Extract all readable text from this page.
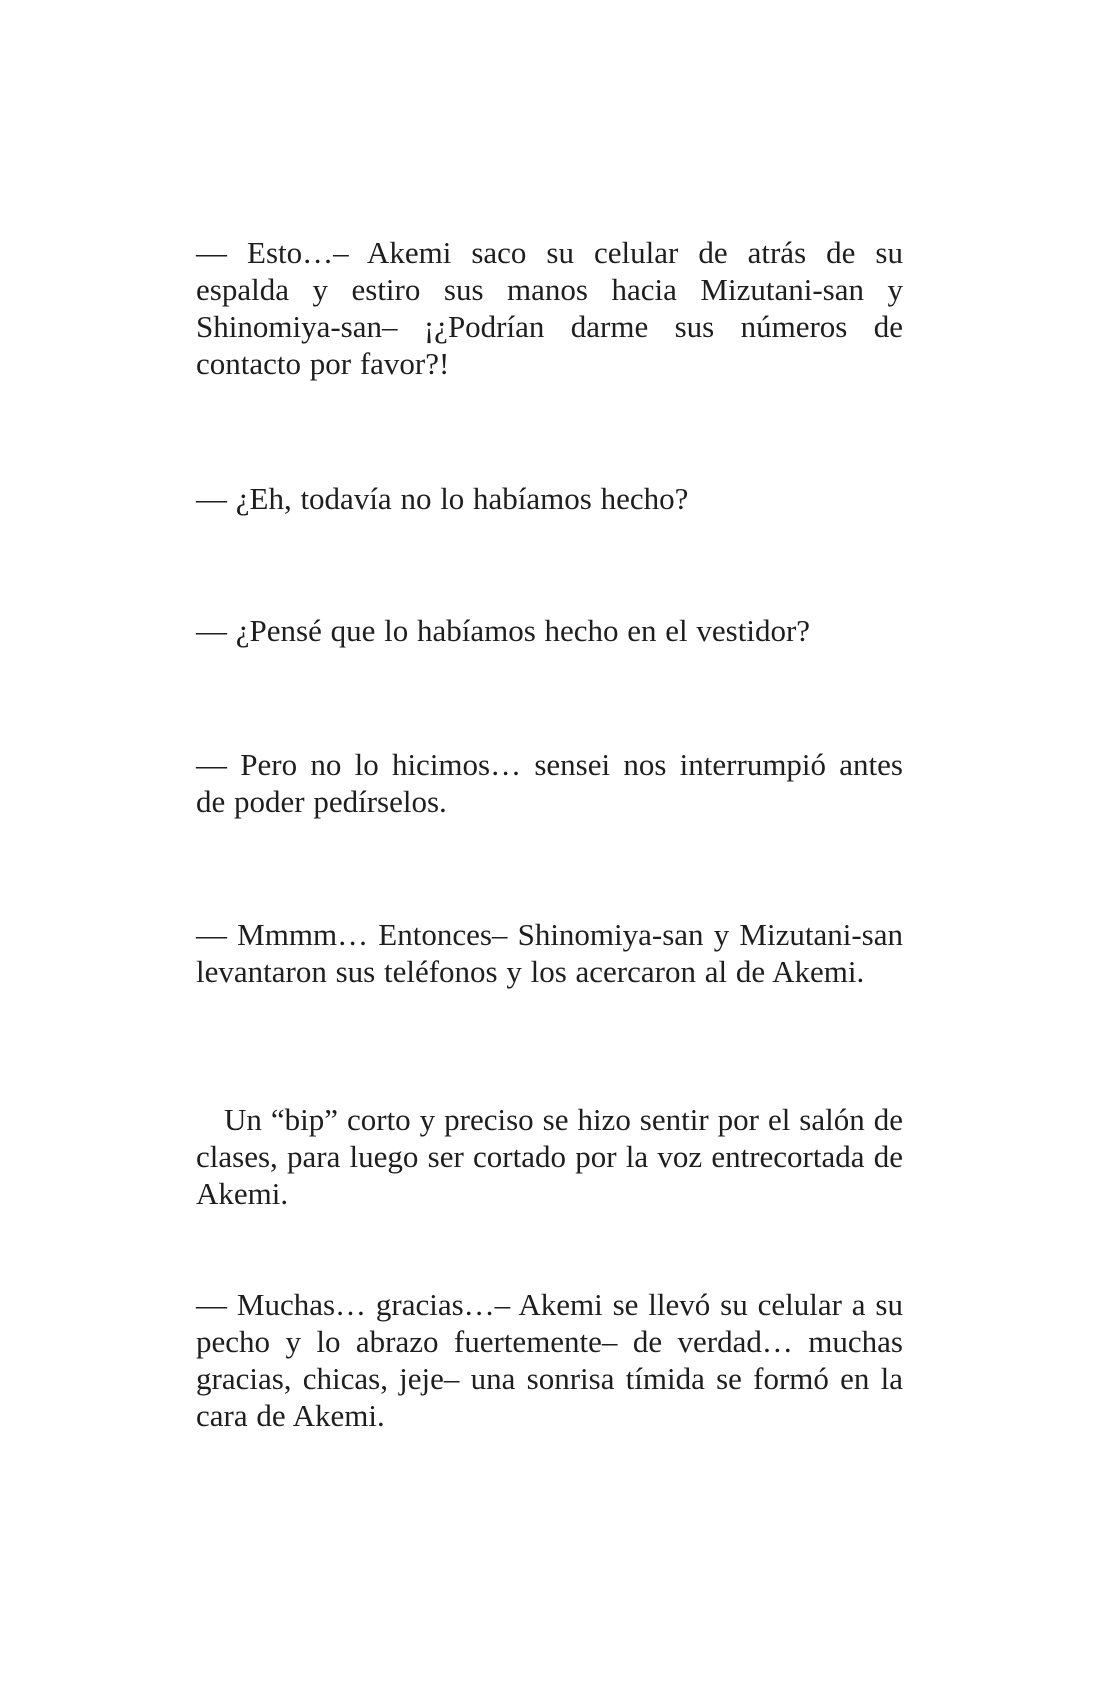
— Esto…– Akemi saco su celular de atrás de su espalda y estiro sus manos hacia Mizutani-san y Shinomiya-san– ¡¿Podrían darme sus números de contacto por favor?!

— ¿Eh, todavía no lo habíamos hecho?

— ¿Pensé que lo habíamos hecho en el vestidor?

— Pero no lo hicimos… sensei nos interrumpió antes de poder pedírselos.

— Mmmm… Entonces– Shinomiya-san y Mizutani-san levantaron sus teléfonos y los acercaron al de Akemi.

Un “bip” corto y preciso se hizo sentir por el salón de clases, para luego ser cortado por la voz entrecortada de Akemi.

— Muchas… gracias…– Akemi se llevó su celular a su pecho y lo abrazo fuertemente– de verdad… muchas gracias, chicas, jeje– una sonrisa tímida se formó en la cara de Akemi.
